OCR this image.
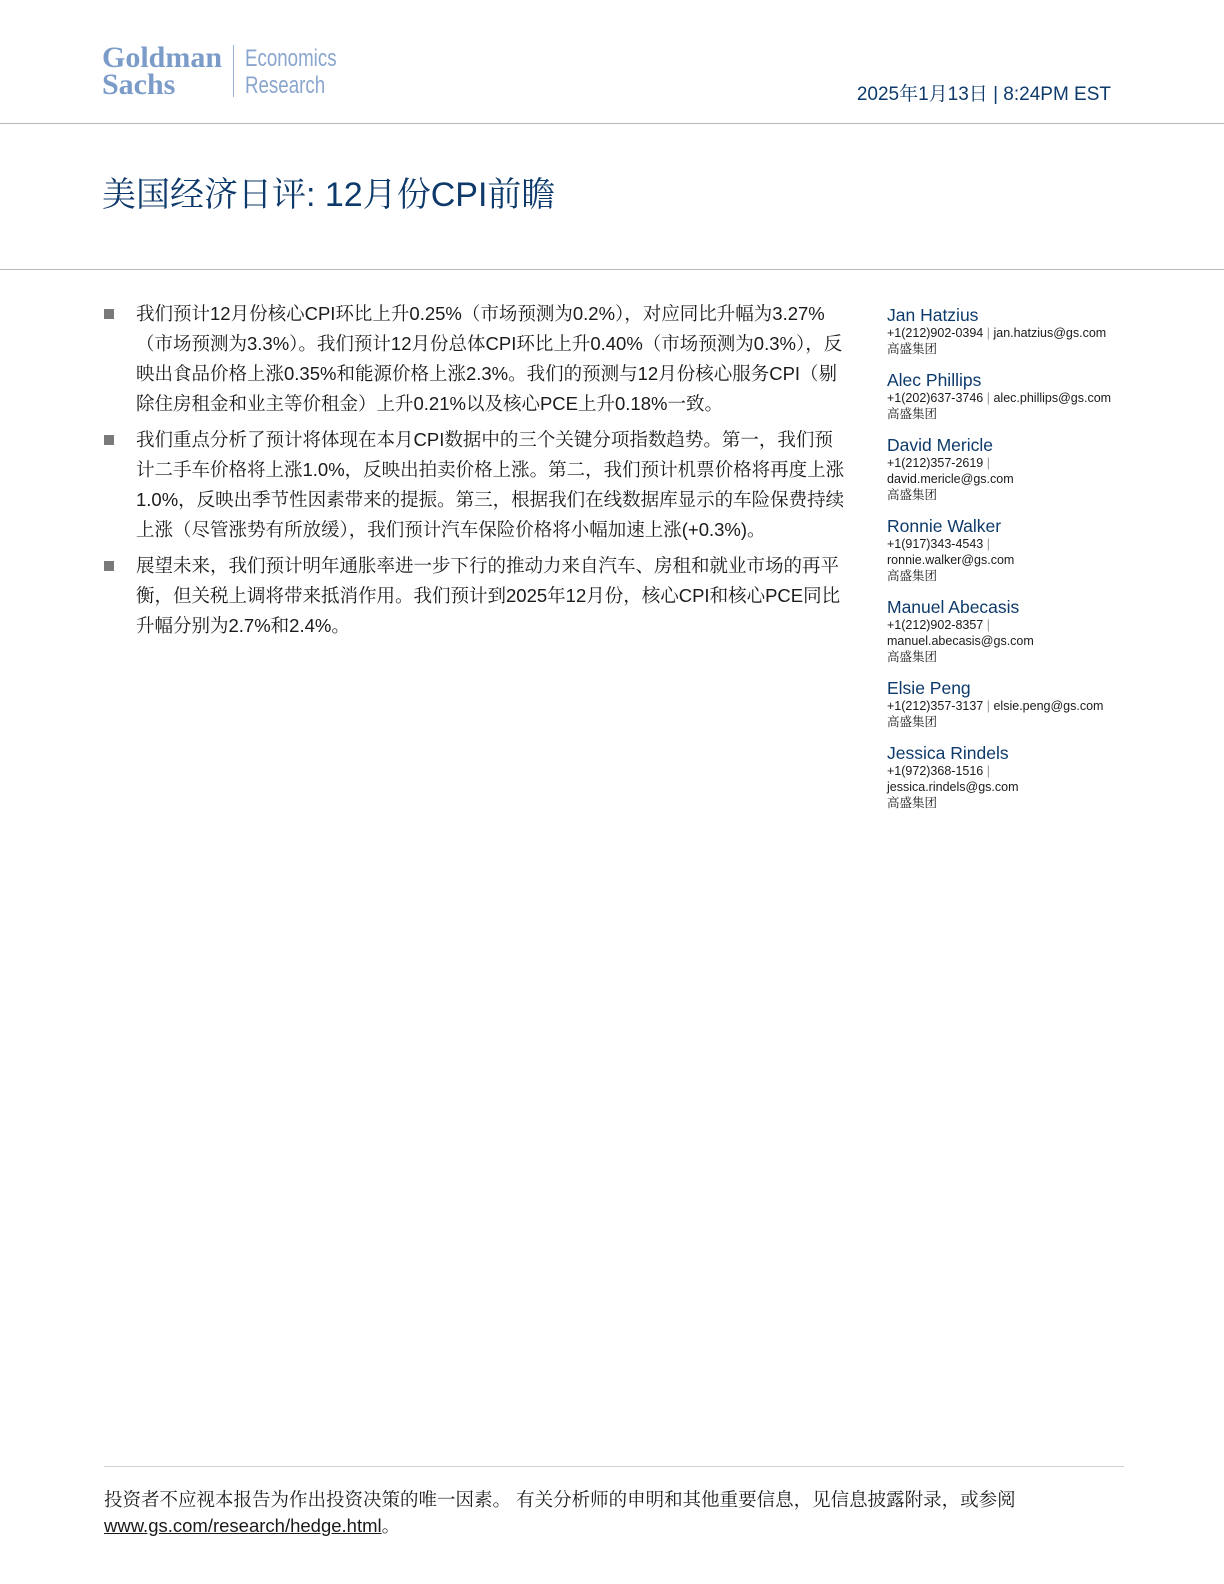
Goldman
Sachs
Economics
Research	2025年1月13日 | 8:24PM EST
美国经济日评: 12月份CPI前瞻
我们预计12月份核心CPI环比上升0.25%（市场预测为0.2%），对应同比升幅为3.27%（市场预测为3.3%）。我们预计12月份总体CPI环比上升0.40%（市场预测为0.3%），反映出食品价格上涨0.35%和能源价格上涨2.3%。我们的预测与12月份核心服务CPI（剔除住房租金和业主等价租金）上升0.21%以及核心PCE上升0.18%一致。
我们重点分析了预计将体现在本月CPI数据中的三个关键分项指数趋势。第一，我们预计二手车价格将上涨1.0%，反映出拍卖价格上涨。第二，我们预计机票价格将再度上涨1.0%，反映出季节性因素带来的提振。第三，根据我们在线数据库显示的车险保费持续上涨（尽管涨势有所放缓），我们预计汽车保险价格将小幅加速上涨(+0.3%)。
展望未来，我们预计明年通胀率进一步下行的推动力来自汽车、房租和就业市场的再平衡，但关税上调将带来抵消作用。我们预计到2025年12月份，核心CPI和核心PCE同比升幅分别为2.7%和2.4%。
Jan Hatzius
+1(212)902-0394 | jan.hatzius@gs.com
高盛集团
Alec Phillips
+1(202)637-3746 | alec.phillips@gs.com
高盛集团
David Mericle
+1(212)357-2619 |
david.mericle@gs.com
高盛集团
Ronnie Walker
+1(917)343-4543 |
ronnie.walker@gs.com
高盛集团
Manuel Abecasis
+1(212)902-8357 |
manuel.abecasis@gs.com
高盛集团
Elsie Peng
+1(212)357-3137 | elsie.peng@gs.com
高盛集团
Jessica Rindels
+1(972)368-1516 |
jessica.rindels@gs.com
高盛集团
投资者不应视本报告为作出投资决策的唯一因素。 有关分析师的申明和其他重要信息，见信息披露附录，或参阅
www.gs.com/research/hedge.html。
